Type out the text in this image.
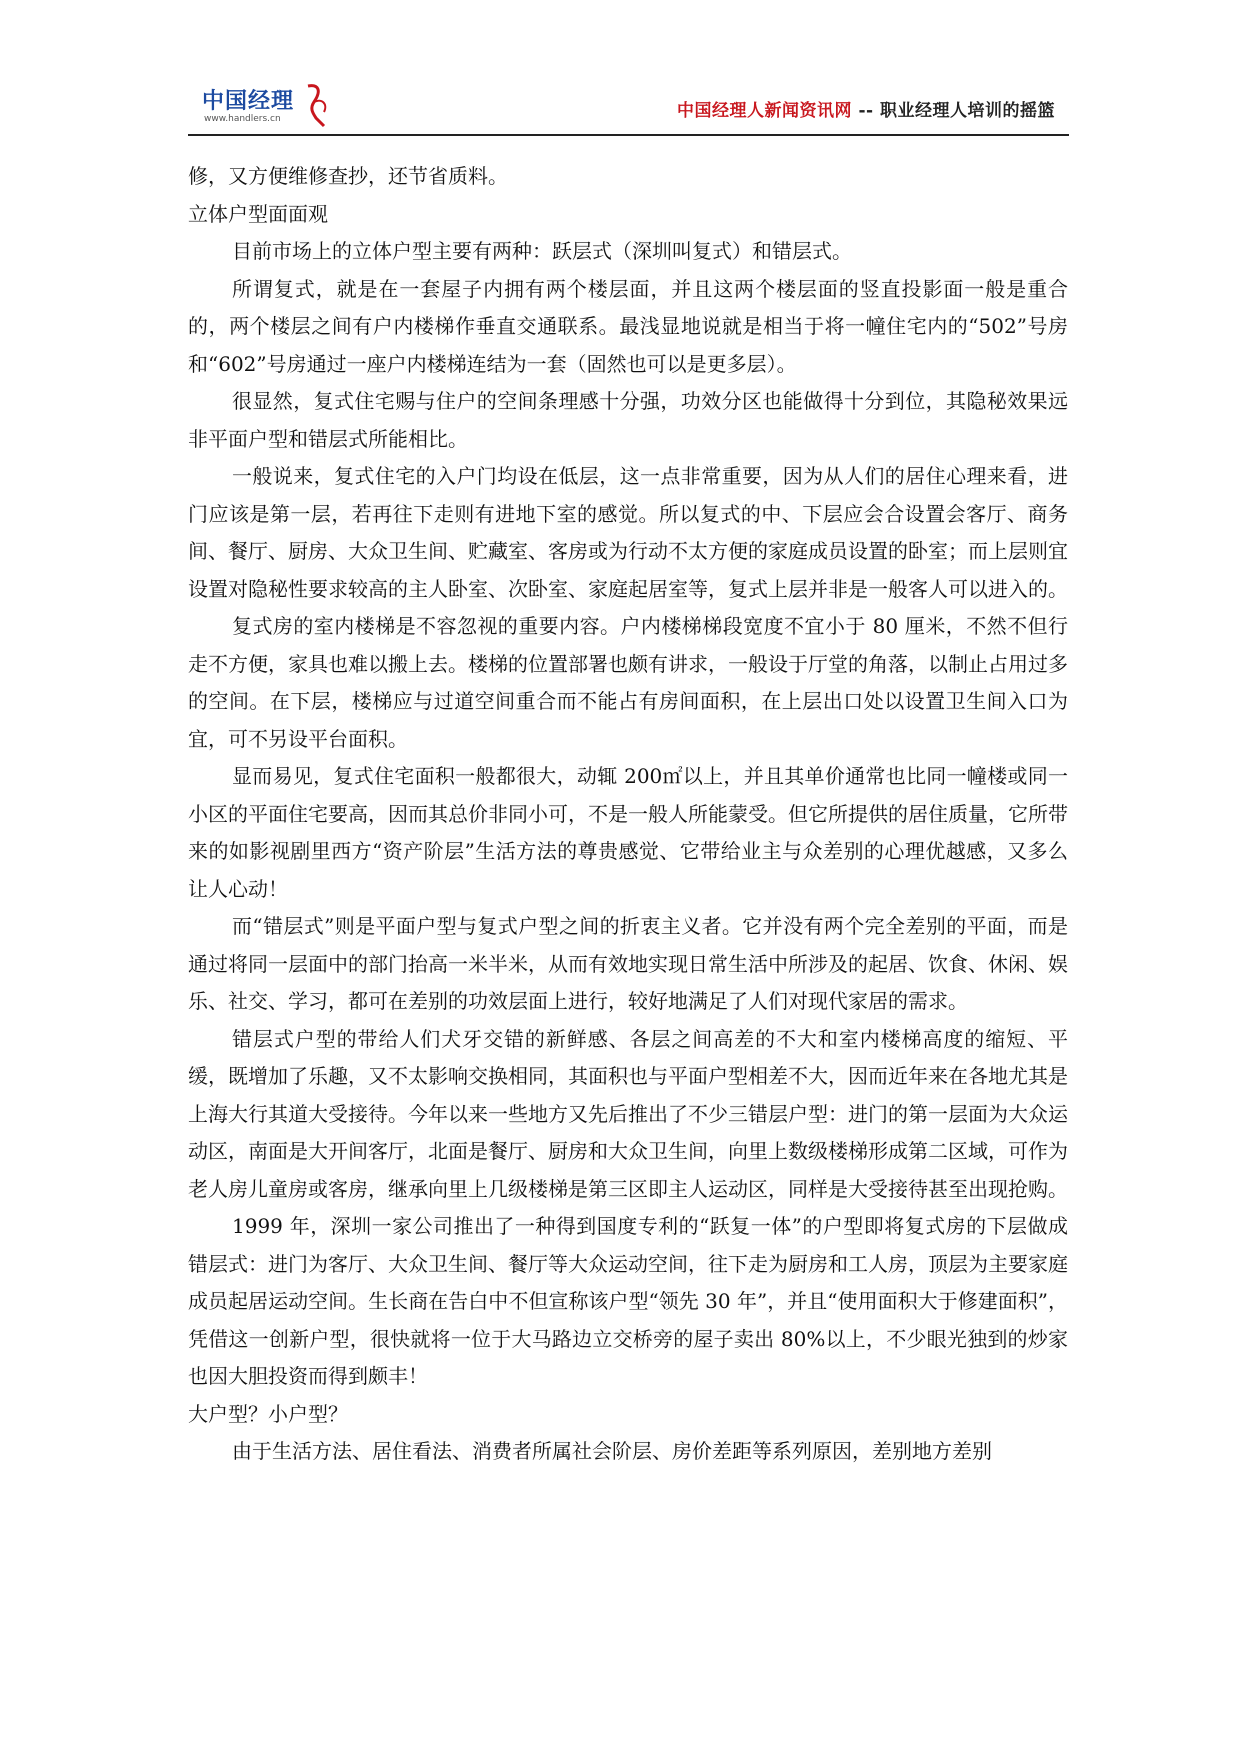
中国经理
www.handlers.cn	中国经理人新闻资讯网 -- 职业经理人培训的摇篮

修，又方便维修查抄，还节省质料。

立体户型面面观

目前市场上的立体户型主要有两种：跃层式（深圳叫复式）和错层式。

所谓复式，就是在一套屋子内拥有两个楼层面，并且这两个楼层面的竖直投影面一般是重合的，两个楼层之间有户内楼梯作垂直交通联系。最浅显地说就是相当于将一幢住宅内的“502”号房和“602”号房通过一座户内楼梯连结为一套（固然也可以是更多层）。

很显然，复式住宅赐与住户的空间条理感十分强，功效分区也能做得十分到位，其隐秘效果远非平面户型和错层式所能相比。

一般说来，复式住宅的入户门均设在低层，这一点非常重要，因为从人们的居住心理来看，进门应该是第一层，若再往下走则有进地下室的感觉。所以复式的中、下层应会合设置会客厅、商务间、餐厅、厨房、大众卫生间、贮藏室、客房或为行动不太方便的家庭成员设置的卧室；而上层则宜设置对隐秘性要求较高的主人卧室、次卧室、家庭起居室等，复式上层并非是一般客人可以进入的。

复式房的室内楼梯是不容忽视的重要内容。户内楼梯梯段宽度不宜小于 80 厘米，不然不但行走不方便，家具也难以搬上去。楼梯的位置部署也颇有讲求，一般设于厅堂的角落，以制止占用过多的空间。在下层，楼梯应与过道空间重合而不能占有房间面积，在上层出口处以设置卫生间入口为宜，可不另设平台面积。

显而易见，复式住宅面积一般都很大，动辄 200㎡以上，并且其单价通常也比同一幢楼或同一小区的平面住宅要高，因而其总价非同小可，不是一般人所能蒙受。但它所提供的居住质量，它所带来的如影视剧里西方“资产阶层”生活方法的尊贵感觉、它带给业主与众差别的心理优越感，又多么让人心动！

而“错层式”则是平面户型与复式户型之间的折衷主义者。它并没有两个完全差别的平面，而是通过将同一层面中的部门抬高一米半米，从而有效地实现日常生活中所涉及的起居、饮食、休闲、娱乐、社交、学习，都可在差别的功效层面上进行，较好地满足了人们对现代家居的需求。

错层式户型的带给人们犬牙交错的新鲜感、各层之间高差的不大和室内楼梯高度的缩短、平缓，既增加了乐趣，又不太影响交换相同，其面积也与平面户型相差不大，因而近年来在各地尤其是上海大行其道大受接待。今年以来一些地方又先后推出了不少三错层户型：进门的第一层面为大众运动区，南面是大开间客厅，北面是餐厅、厨房和大众卫生间，向里上数级楼梯形成第二区域，可作为老人房儿童房或客房，继承向里上几级楼梯是第三区即主人运动区，同样是大受接待甚至出现抢购。

1999 年，深圳一家公司推出了一种得到国度专利的“跃复一体”的户型即将复式房的下层做成错层式：进门为客厅、大众卫生间、餐厅等大众运动空间，往下走为厨房和工人房，顶层为主要家庭成员起居运动空间。生长商在告白中不但宣称该户型“领先 30 年”，并且“使用面积大于修建面积”，凭借这一创新户型，很快就将一位于大马路边立交桥旁的屋子卖出 80%以上，不少眼光独到的炒家也因大胆投资而得到颇丰！

大户型？小户型？

由于生活方法、居住看法、消费者所属社会阶层、房价差距等系列原因，差别地方差别
